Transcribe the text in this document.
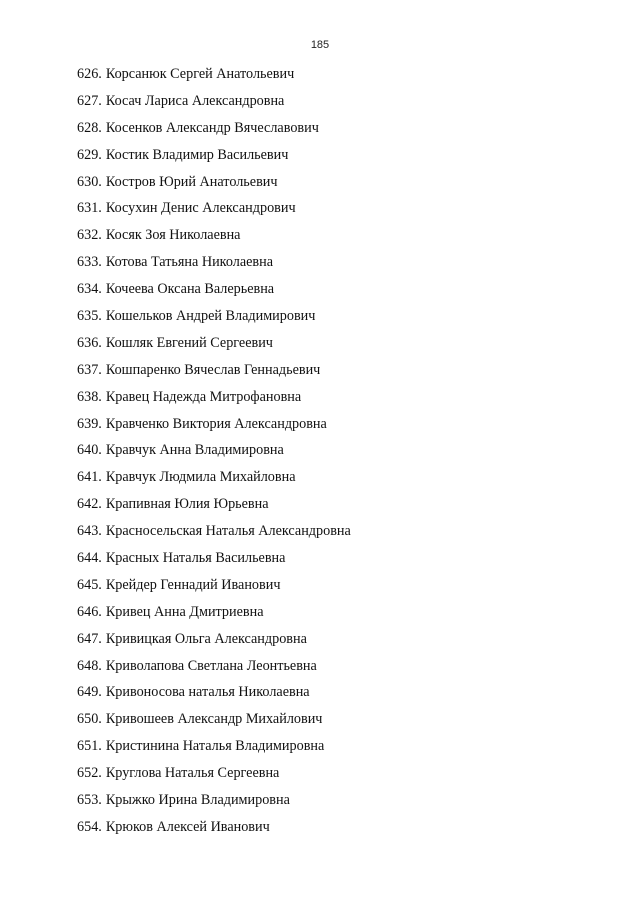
185
626. Корсанюк Сергей Анатольевич
627. Косач Лариса Александровна
628. Косенков Александр Вячеславович
629. Костик Владимир Васильевич
630. Костров Юрий Анатольевич
631. Косухин Денис Александрович
632. Косяк Зоя Николаевна
633. Котова Татьяна Николаевна
634. Кочеева Оксана Валерьевна
635. Кошельков Андрей Владимирович
636. Кошляк Евгений Сергеевич
637. Кошпаренко Вячеслав Геннадьевич
638. Кравец Надежда Митрофановна
639. Кравченко Виктория Александровна
640. Кравчук Анна Владимировна
641. Кравчук Людмила Михайловна
642. Крапивная Юлия Юрьевна
643. Красносельская Наталья Александровна
644. Красных Наталья Васильевна
645. Крейдер Геннадий Иванович
646. Кривец Анна Дмитриевна
647. Кривицкая Ольга Александровна
648. Криволапова Светлана Леонтьевна
649. Кривоносова наталья Николаевна
650. Кривошеев Александр Михайлович
651. Кристинина Наталья Владимировна
652. Круглова Наталья Сергеевна
653. Крыжко Ирина Владимировна
654. Крюков Алексей Иванович
